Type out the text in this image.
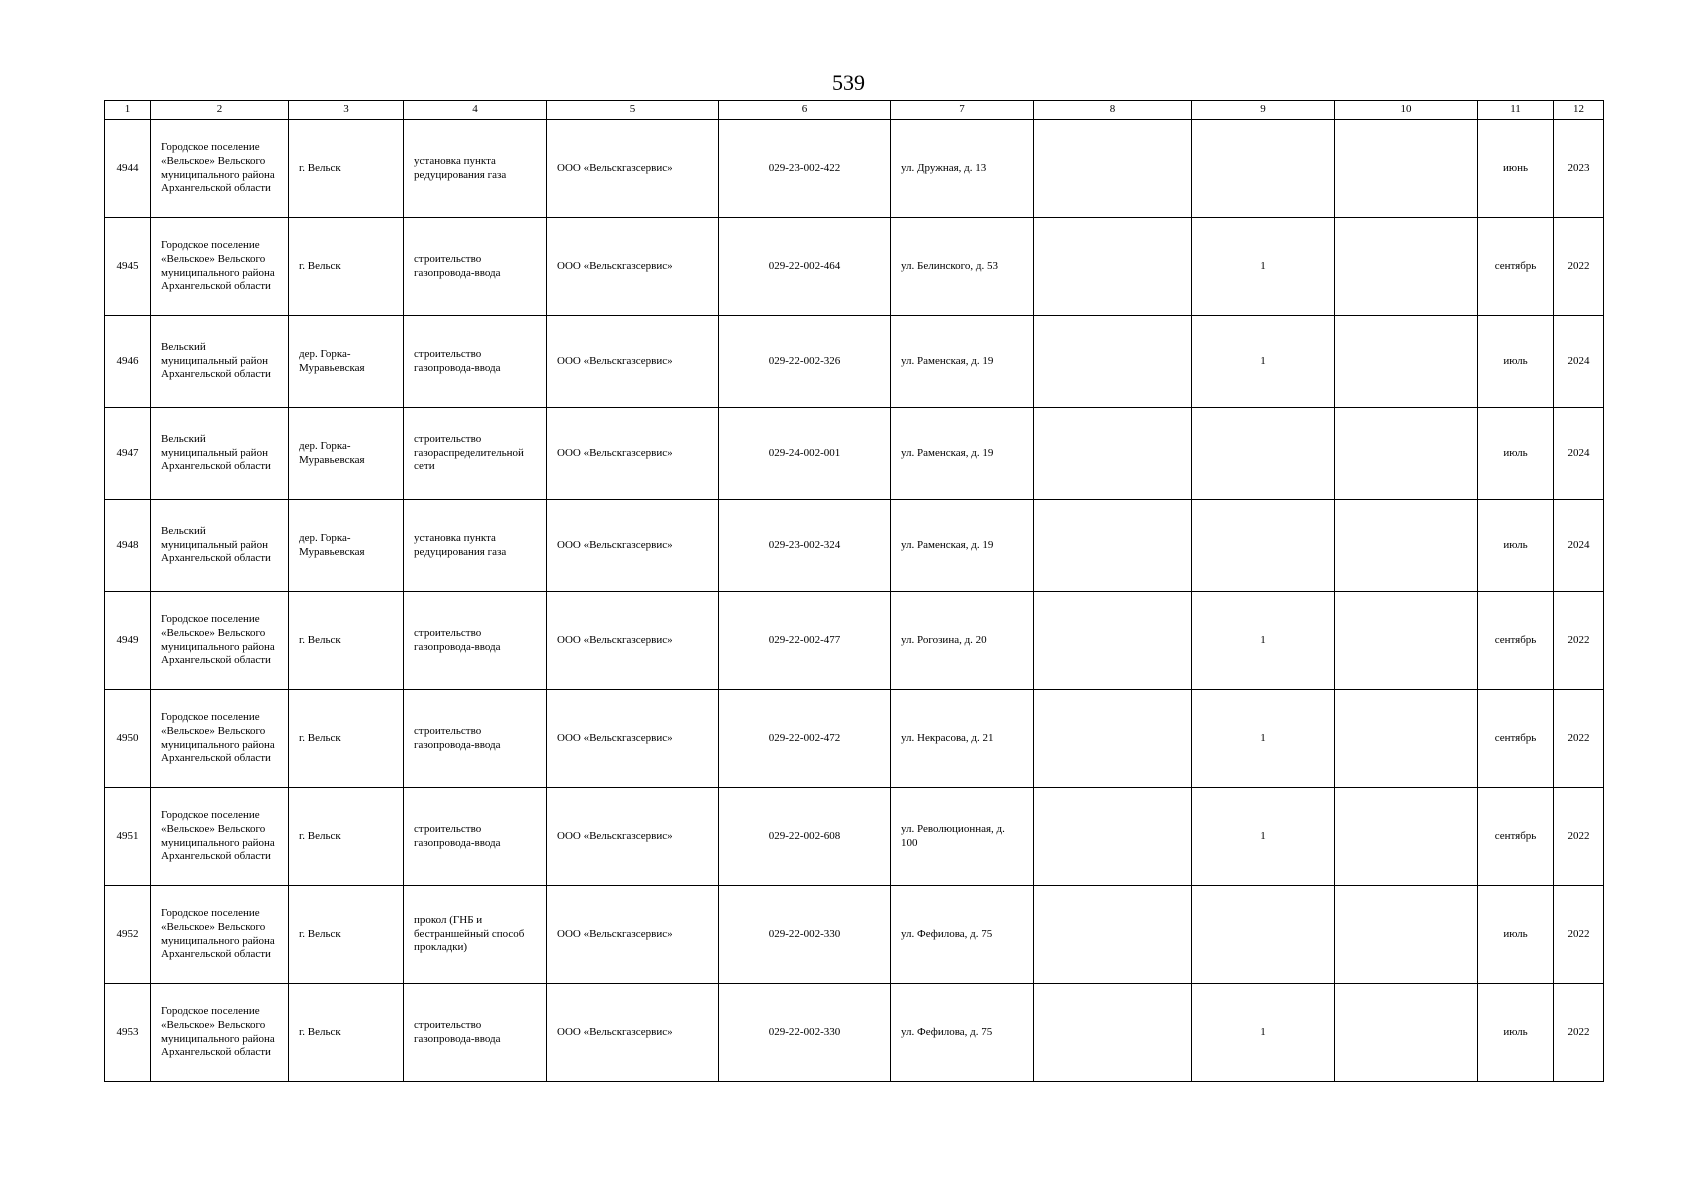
539
1	2	3	4	5	6	7	8	9	10	11	12
4944	Городское поселение «Вельское» Вельского муниципального района Архангельской области	г. Вельск	установка пункта редуцирования газа	ООО «Вельскгазсервис»	029-23-002-422	ул. Дружная, д. 13				июнь	2023
4945	Городское поселение «Вельское» Вельского муниципального района Архангельской области	г. Вельск	строительство газопровода-ввода	ООО «Вельскгазсервис»	029-22-002-464	ул. Белинского, д. 53		1		сентябрь	2022
4946	Вельский муниципальный район Архангельской области	дер. Горка-Муравьевская	строительство газопровода-ввода	ООО «Вельскгазсервис»	029-22-002-326	ул. Раменская, д. 19		1		июль	2024
4947	Вельский муниципальный район Архангельской области	дер. Горка-Муравьевская	строительство газораспределительной сети	ООО «Вельскгазсервис»	029-24-002-001	ул. Раменская, д. 19				июль	2024
4948	Вельский муниципальный район Архангельской области	дер. Горка-Муравьевская	установка пункта редуцирования газа	ООО «Вельскгазсервис»	029-23-002-324	ул. Раменская, д. 19				июль	2024
4949	Городское поселение «Вельское» Вельского муниципального района Архангельской области	г. Вельск	строительство газопровода-ввода	ООО «Вельскгазсервис»	029-22-002-477	ул. Рогозина, д. 20		1		сентябрь	2022
4950	Городское поселение «Вельское» Вельского муниципального района Архангельской области	г. Вельск	строительство газопровода-ввода	ООО «Вельскгазсервис»	029-22-002-472	ул. Некрасова, д. 21		1		сентябрь	2022
4951	Городское поселение «Вельское» Вельского муниципального района Архангельской области	г. Вельск	строительство газопровода-ввода	ООО «Вельскгазсервис»	029-22-002-608	ул. Революционная, д. 100		1		сентябрь	2022
4952	Городское поселение «Вельское» Вельского муниципального района Архангельской области	г. Вельск	прокол (ГНБ и бестраншейный способ прокладки)	ООО «Вельскгазсервис»	029-22-002-330	ул. Фефилова, д. 75				июль	2022
4953	Городское поселение «Вельское» Вельского муниципального района Архангельской области	г. Вельск	строительство газопровода-ввода	ООО «Вельскгазсервис»	029-22-002-330	ул. Фефилова, д. 75		1		июль	2022
